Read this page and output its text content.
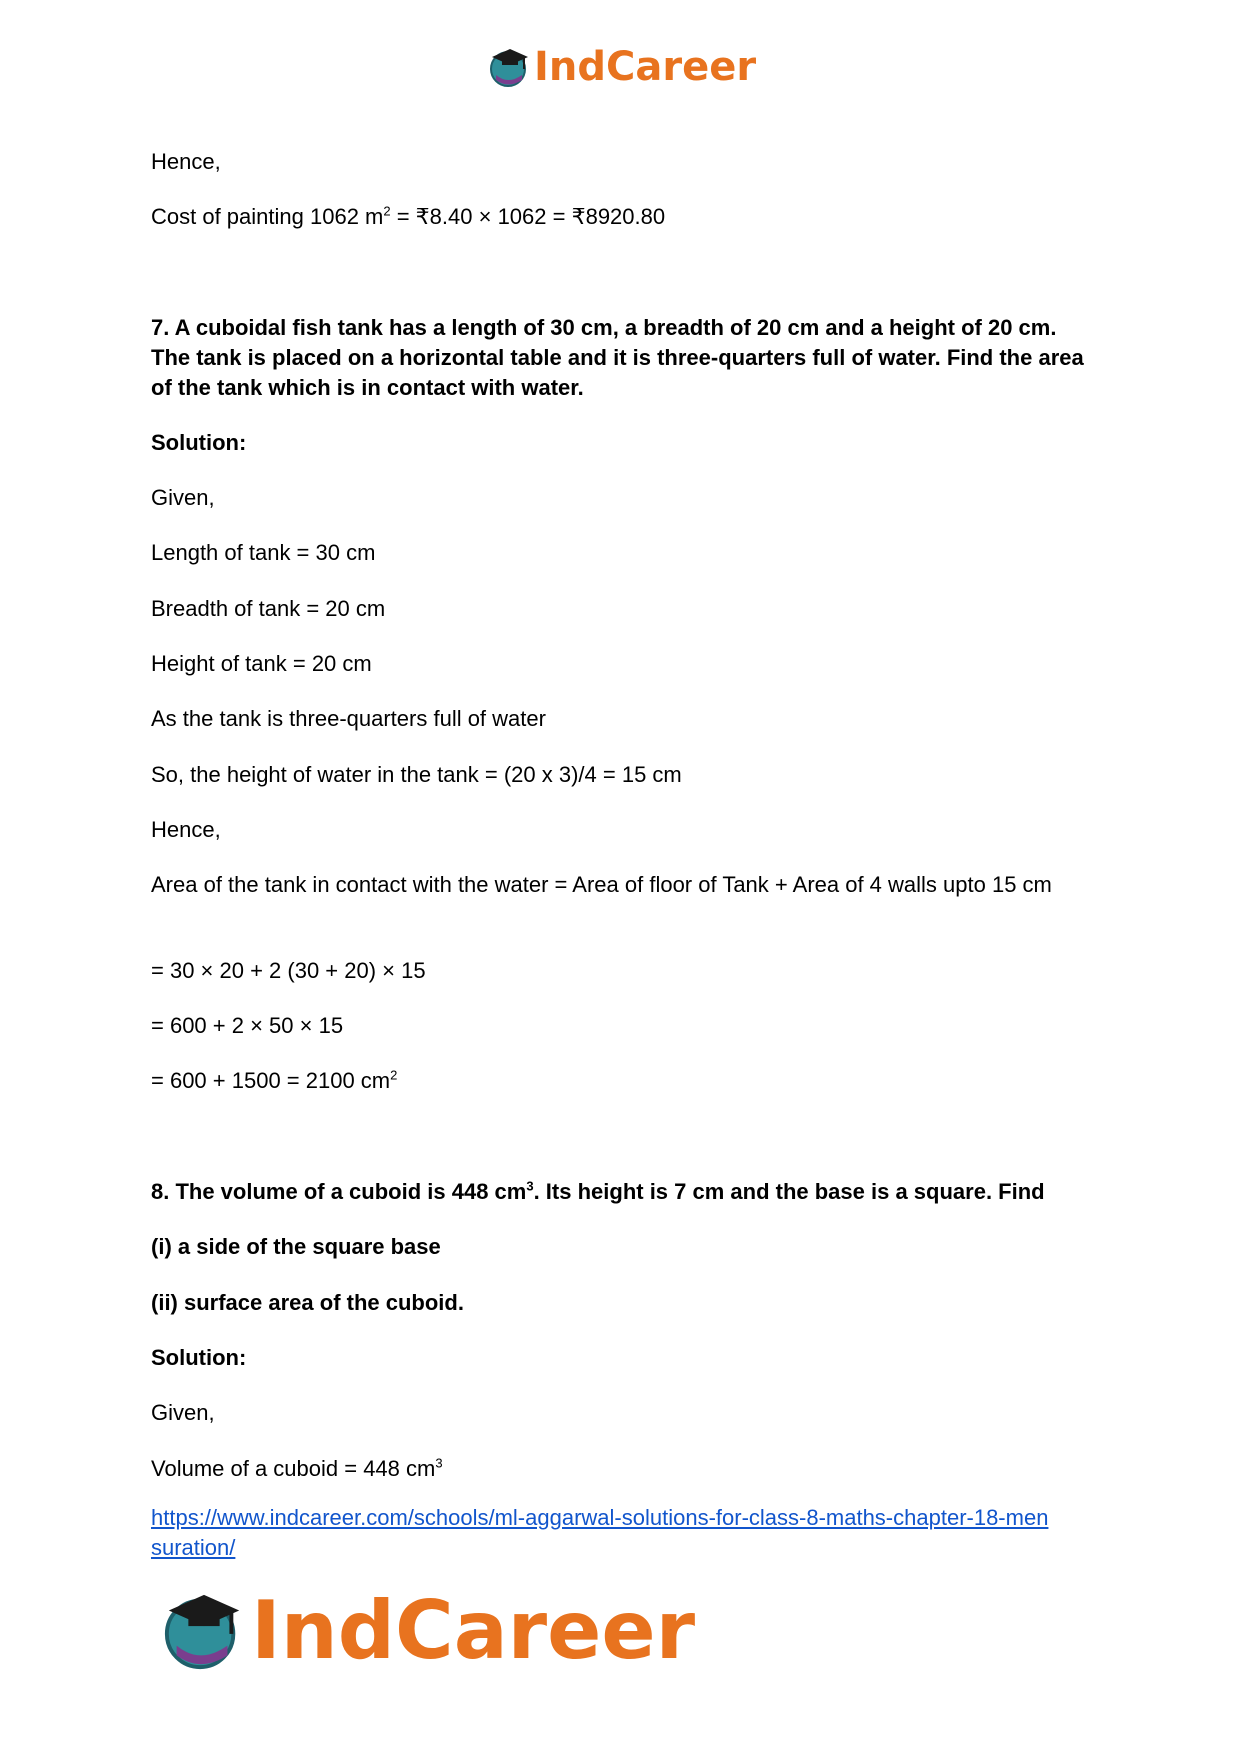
IndCareer
Hence,
Cost of painting 1062 $m^2$ = ₹8.40 × 1062 = ₹8920.80
7. A cuboidal fish tank has a length of 30 cm, a breadth of 20 cm and a height of 20 cm. The tank is placed on a horizontal table and it is three-quarters full of water. Find the area of the tank which is in contact with water.
Solution:
Given,
Length of tank = 30 cm
Breadth of tank = 20 cm
Height of tank = 20 cm
As the tank is three-quarters full of water
So, the height of water in the tank = (20 x 3)/4 = 15 cm
Hence,
Area of the tank in contact with the water = Area of floor of Tank + Area of 4 walls upto 15 cm
= 30 × 20 + 2 (30 + 20) × 15
= 600 + 2 × 50 × 15
= 600 + 1500 = 2100 $cm^2$
8. The volume of a cuboid is 448 $cm^3$. Its height is 7 cm and the base is a square. Find
(i) a side of the square base
(ii) surface area of the cuboid.
Solution:
Given,
Volume of a cuboid = 448 $cm^3$
https://www.indcareer.com/schools/ml-aggarwal-solutions-for-class-8-maths-chapter-18-men
suration/
IndCareer
